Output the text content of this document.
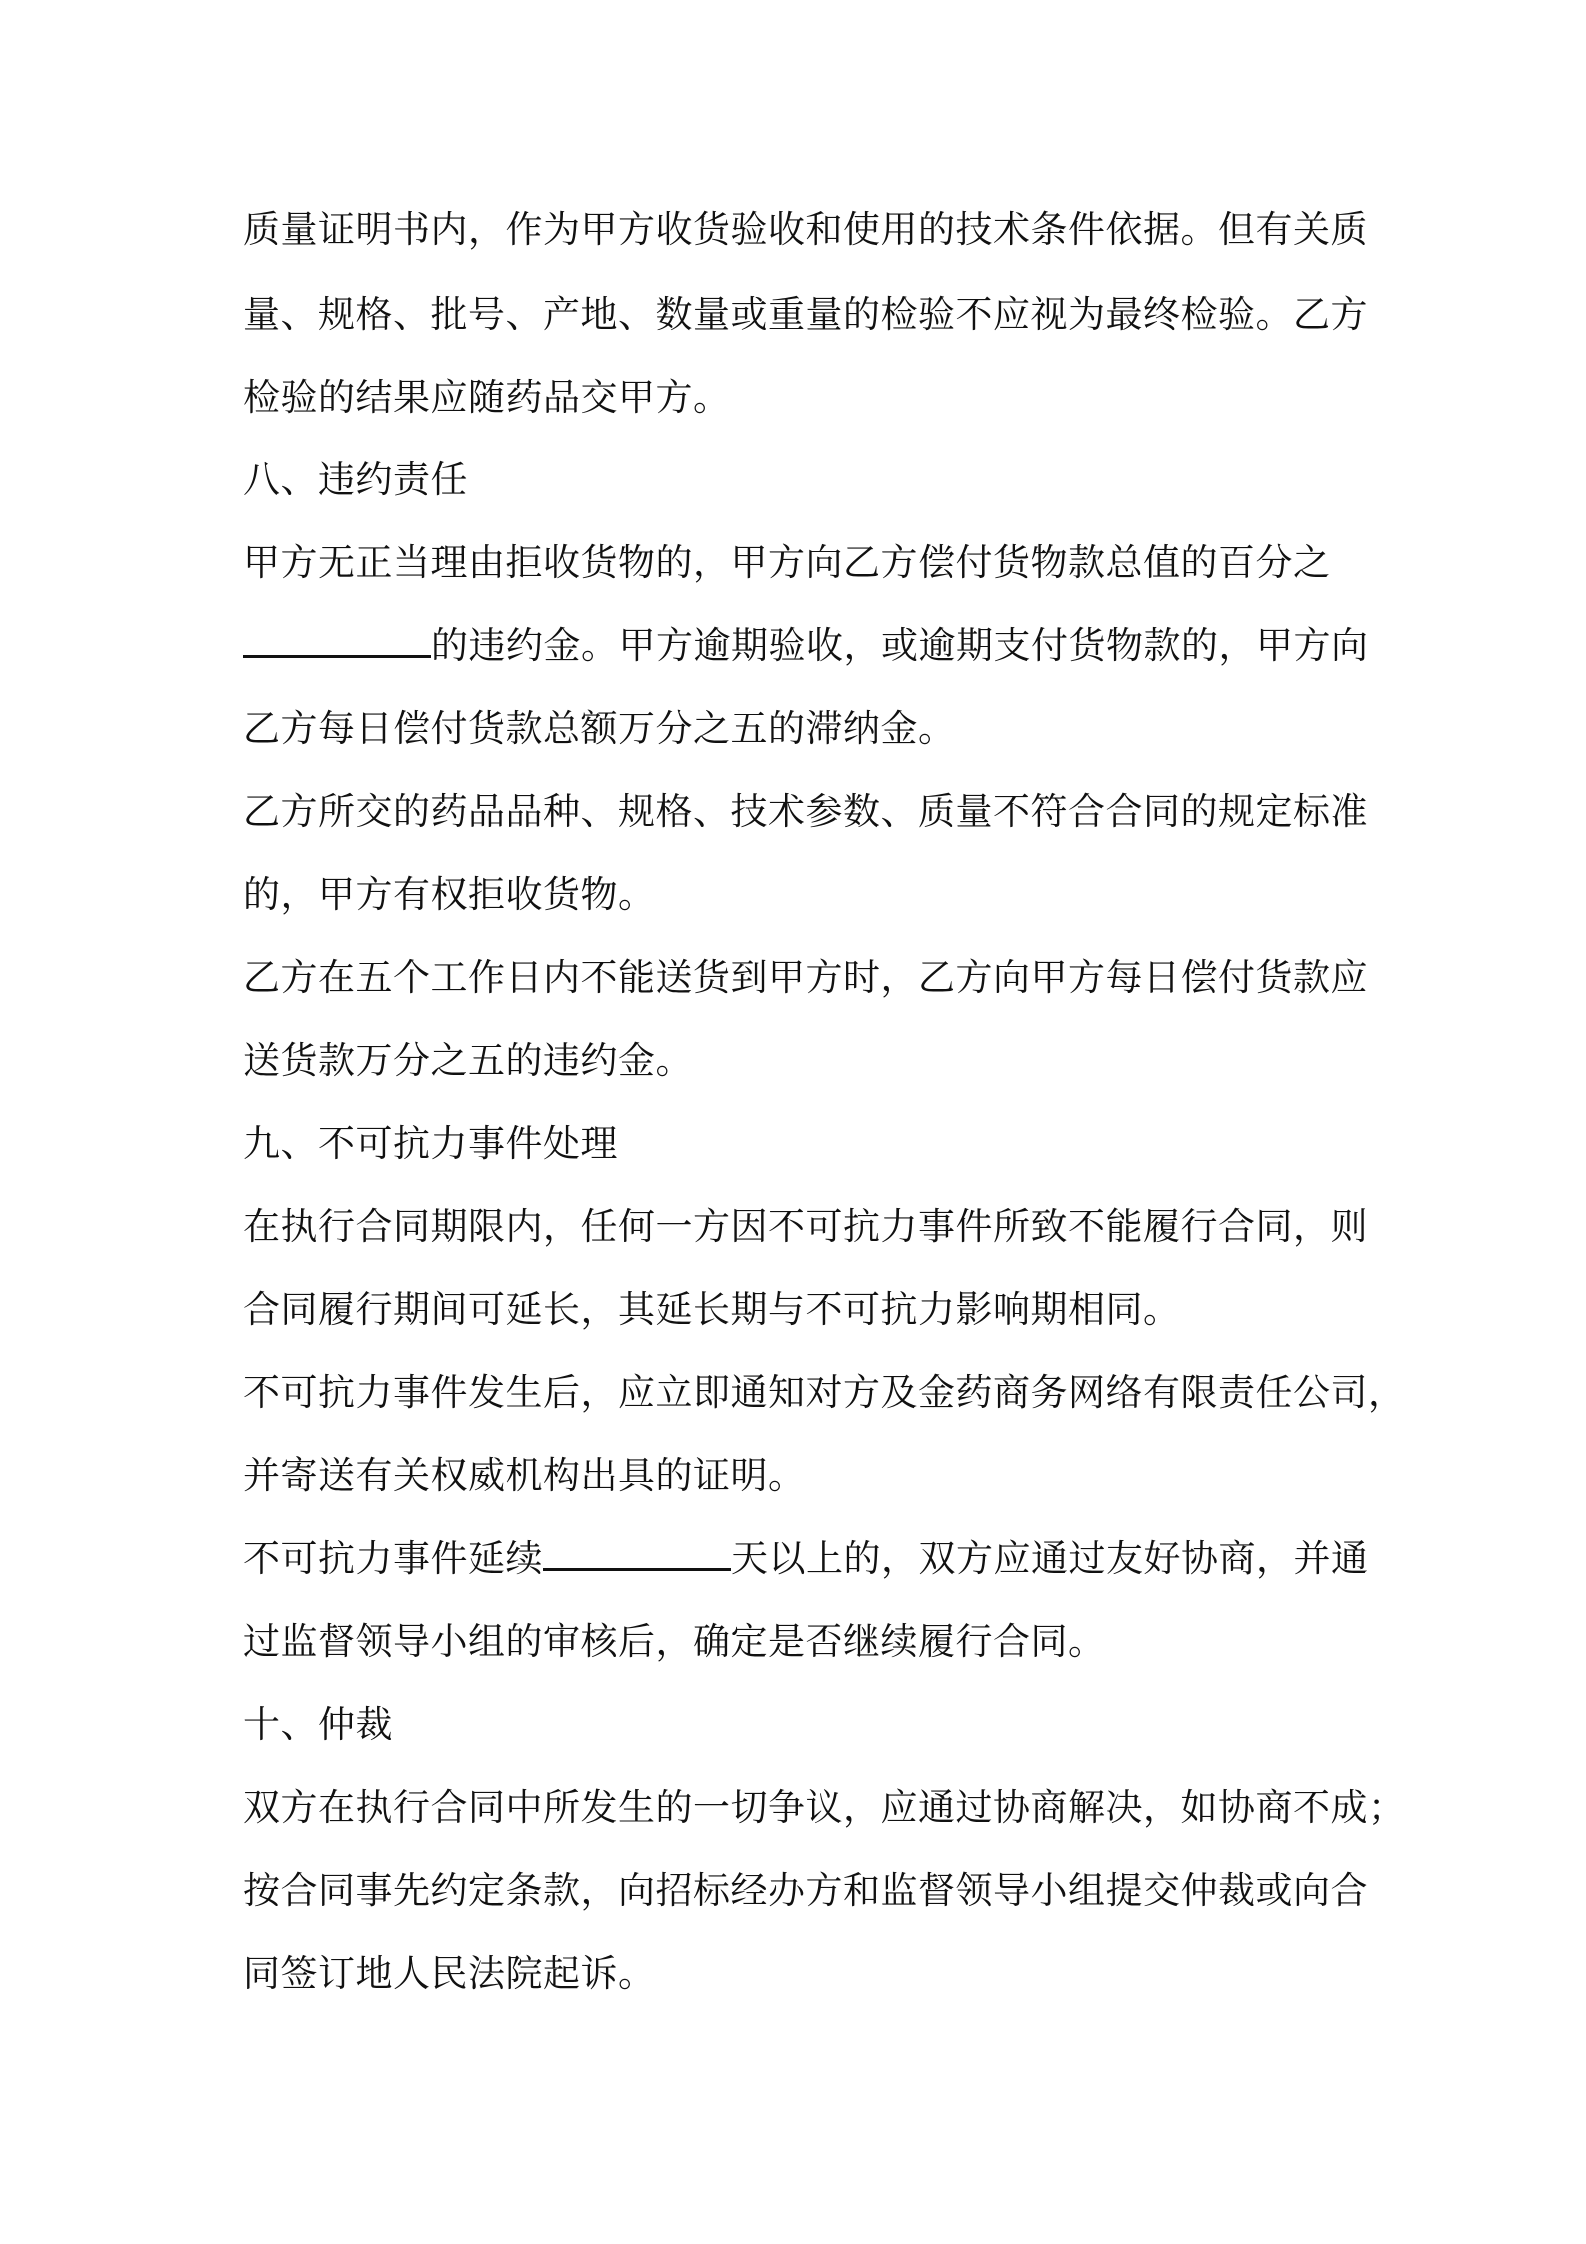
质量证明书内，作为甲方收货验收和使用的技术条件依据。但有关质
量、规格、批号、产地、数量或重量的检验不应视为最终检验。乙方
检验的结果应随药品交甲方。
八、违约责任
甲方无正当理由拒收货物的，甲方向乙方偿付货物款总值的百分之
的违约金。甲方逾期验收，或逾期支付货物款的，甲方向
乙方每日偿付货款总额万分之五的滞纳金。
乙方所交的药品品种、规格、技术参数、质量不符合合同的规定标准
的，甲方有权拒收货物。
乙方在五个工作日内不能送货到甲方时，乙方向甲方每日偿付货款应
送货款万分之五的违约金。
九、不可抗力事件处理
在执行合同期限内，任何一方因不可抗力事件所致不能履行合同，则
合同履行期间可延长，其延长期与不可抗力影响期相同。
不可抗力事件发生后，应立即通知对方及金药商务网络有限责任公司，
并寄送有关权威机构出具的证明。
不可抗力事件延续	天以上的，双方应通过友好协商，并通
过监督领导小组的审核后，确定是否继续履行合同。
十、仲裁
双方在执行合同中所发生的一切争议，应通过协商解决，如协商不成；
按合同事先约定条款，向招标经办方和监督领导小组提交仲裁或向合
同签订地人民法院起诉。
